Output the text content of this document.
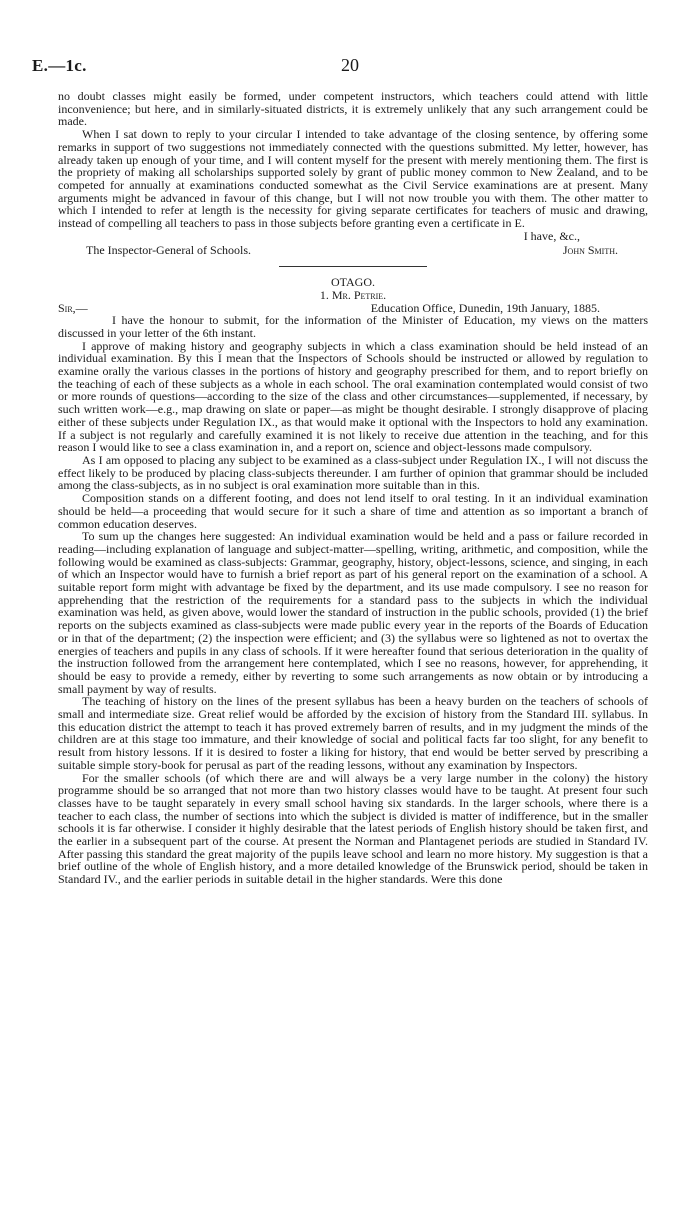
E.—1c.	20

no doubt classes might easily be formed, under competent instructors, which teachers could attend with little inconvenience; but here, and in similarly-situated districts, it is extremely unlikely that any such arrangement could be made.

When I sat down to reply to your circular I intended to take advantage of the closing sentence, by offering some remarks in support of two suggestions not immediately connected with the questions submitted. My letter, however, has already taken up enough of your time, and I will content myself for the present with merely mentioning them. The first is the propriety of making all scholarships supported solely by grant of public money common to New Zealand, and to be competed for annually at examinations conducted somewhat as the Civil Service examinations are at present. Many arguments might be advanced in favour of this change, but I will not now trouble you with them. The other matter to which I intended to refer at length is the necessity for giving separate certificates for teachers of music and drawing, instead of compelling all teachers to pass in those subjects before granting even a certificate in E.

I have, &c.,
The Inspector-General of Schools.	John Smith.
OTAGO.
1. Mr. Petrie.
Sir,—	Education Office, Dunedin, 19th January, 1885.

I have the honour to submit, for the information of the Minister of Education, my views on the matters discussed in your letter of the 6th instant.

I approve of making history and geography subjects in which a class examination should be held instead of an individual examination. By this I mean that the Inspectors of Schools should be instructed or allowed by regulation to examine orally the various classes in the portions of history and geography prescribed for them, and to report briefly on the teaching of each of these subjects as a whole in each school. The oral examination contemplated would consist of two or more rounds of questions—according to the size of the class and other circumstances—supplemented, if necessary, by such written work—e.g., map drawing on slate or paper—as might be thought desirable. I strongly disapprove of placing either of these subjects under Regulation IX., as that would make it optional with the Inspectors to hold any examination. If a subject is not regularly and carefully examined it is not likely to receive due attention in the teaching, and for this reason I would like to see a class examination in, and a report on, science and object-lessons made compulsory.

As I am opposed to placing any subject to be examined as a class-subject under Regulation IX., I will not discuss the effect likely to be produced by placing class-subjects thereunder. I am further of opinion that grammar should be included among the class-subjects, as in no subject is oral examination more suitable than in this.

Composition stands on a different footing, and does not lend itself to oral testing. In it an individual examination should be held—a proceeding that would secure for it such a share of time and attention as so important a branch of common education deserves.

To sum up the changes here suggested: An individual examination would be held and a pass or failure recorded in reading—including explanation of language and subject-matter—spelling, writing, arithmetic, and composition, while the following would be examined as class-subjects: Grammar, geography, history, object-lessons, science, and singing, in each of which an Inspector would have to furnish a brief report as part of his general report on the examination of a school. A suitable report form might with advantage be fixed by the department, and its use made compulsory. I see no reason for apprehending that the restriction of the requirements for a standard pass to the subjects in which the individual examination was held, as given above, would lower the standard of instruction in the public schools, provided (1) the brief reports on the subjects examined as class-subjects were made public every year in the reports of the Boards of Education or in that of the department; (2) the inspection were efficient; and (3) the syllabus were so lightened as not to overtax the energies of teachers and pupils in any class of schools. If it were hereafter found that serious deterioration in the quality of the instruction followed from the arrangement here contemplated, which I see no reasons, however, for apprehending, it should be easy to provide a remedy, either by reverting to some such arrangements as now obtain or by introducing a small payment by way of results.

The teaching of history on the lines of the present syllabus has been a heavy burden on the teachers of schools of small and intermediate size. Great relief would be afforded by the excision of history from the Standard III. syllabus. In this education district the attempt to teach it has proved extremely barren of results, and in my judgment the minds of the children are at this stage too immature, and their knowledge of social and political facts far too slight, for any benefit to result from history lessons. If it is desired to foster a liking for history, that end would be better served by prescribing a suitable simple story-book for perusal as part of the reading lessons, without any examination by Inspectors.

For the smaller schools (of which there are and will always be a very large number in the colony) the history programme should be so arranged that not more than two history classes would have to be taught. At present four such classes have to be taught separately in every small school having six standards. In the larger schools, where there is a teacher to each class, the number of sections into which the subject is divided is matter of indifference, but in the smaller schools it is far otherwise. I consider it highly desirable that the latest periods of English history should be taken first, and the earlier in a subsequent part of the course. At present the Norman and Plantagenet periods are studied in Standard IV. After passing this standard the great majority of the pupils leave school and learn no more history. My suggestion is that a brief outline of the whole of English history, and a more detailed knowledge of the Brunswick period, should be taken in Standard IV., and the earlier periods in suitable detail in the higher standards. Were this done
